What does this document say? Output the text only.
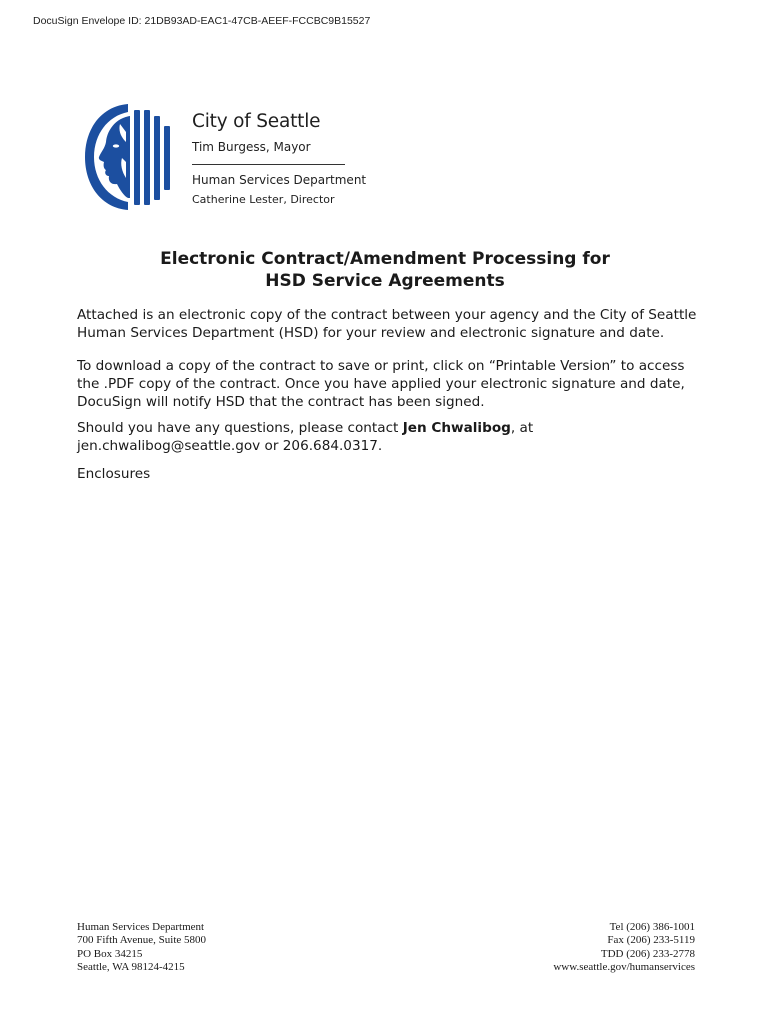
DocuSign Envelope ID: 21DB93AD-EAC1-47CB-AEEF-FCCBC9B15527
City of Seattle
Tim Burgess, Mayor
Human Services Department
Catherine Lester, Director
Electronic Contract/Amendment Processing for
HSD Service Agreements
Attached is an electronic copy of the contract between your agency and the City of Seattle
Human Services Department (HSD) for your review and electronic signature and date.
To download a copy of the contract to save or print, click on “Printable Version” to access
the .PDF copy of the contract. Once you have applied your electronic signature and date,
DocuSign will notify HSD that the contract has been signed.
Should you have any questions, please contact Jen Chwalibog, at
jen.chwalibog@seattle.gov or 206.684.0317.
Enclosures
Human Services Department
700 Fifth Avenue, Suite 5800
PO Box 34215
Seattle, WA 98124-4215
Tel (206) 386-1001
Fax (206) 233-5119
TDD (206) 233-2778
www.seattle.gov/humanservices
